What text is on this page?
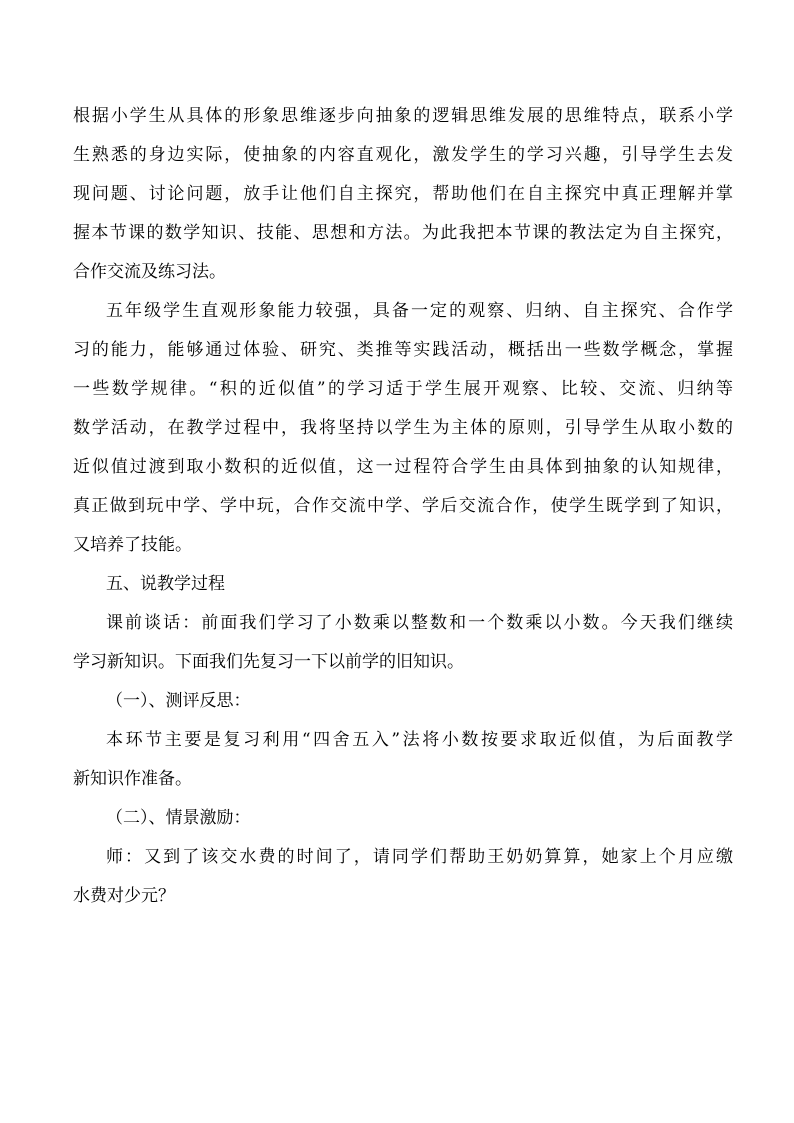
根据小学生从具体的形象思维逐步向抽象的逻辑思维发展的思维特点，联系小学
生熟悉的身边实际，使抽象的内容直观化，激发学生的学习兴趣，引导学生去发
现问题、讨论问题，放手让他们自主探究，帮助他们在自主探究中真正理解并掌
握本节课的数学知识、技能、思想和方法。为此我把本节课的教法定为自主探究，
合作交流及练习法。
五年级学生直观形象能力较强，具备一定的观察、归纳、自主探究、合作学
习的能力，能够通过体验、研究、类推等实践活动，概括出一些数学概念，掌握
一些数学规律。“积的近似值”的学习适于学生展开观察、比较、交流、归纳等
数学活动，在教学过程中，我将坚持以学生为主体的原则，引导学生从取小数的
近似值过渡到取小数积的近似值，这一过程符合学生由具体到抽象的认知规律，
真正做到玩中学、学中玩，合作交流中学、学后交流合作，使学生既学到了知识，
又培养了技能。
五、说教学过程
课前谈话：前面我们学习了小数乘以整数和一个数乘以小数。今天我们继续
学习新知识。下面我们先复习一下以前学的旧知识。
（一）、测评反思：
本环节主要是复习利用“四舍五入”法将小数按要求取近似值，为后面教学
新知识作准备。
（二）、情景激励：
师：又到了该交水费的时间了，请同学们帮助王奶奶算算，她家上个月应缴
水费对少元？
